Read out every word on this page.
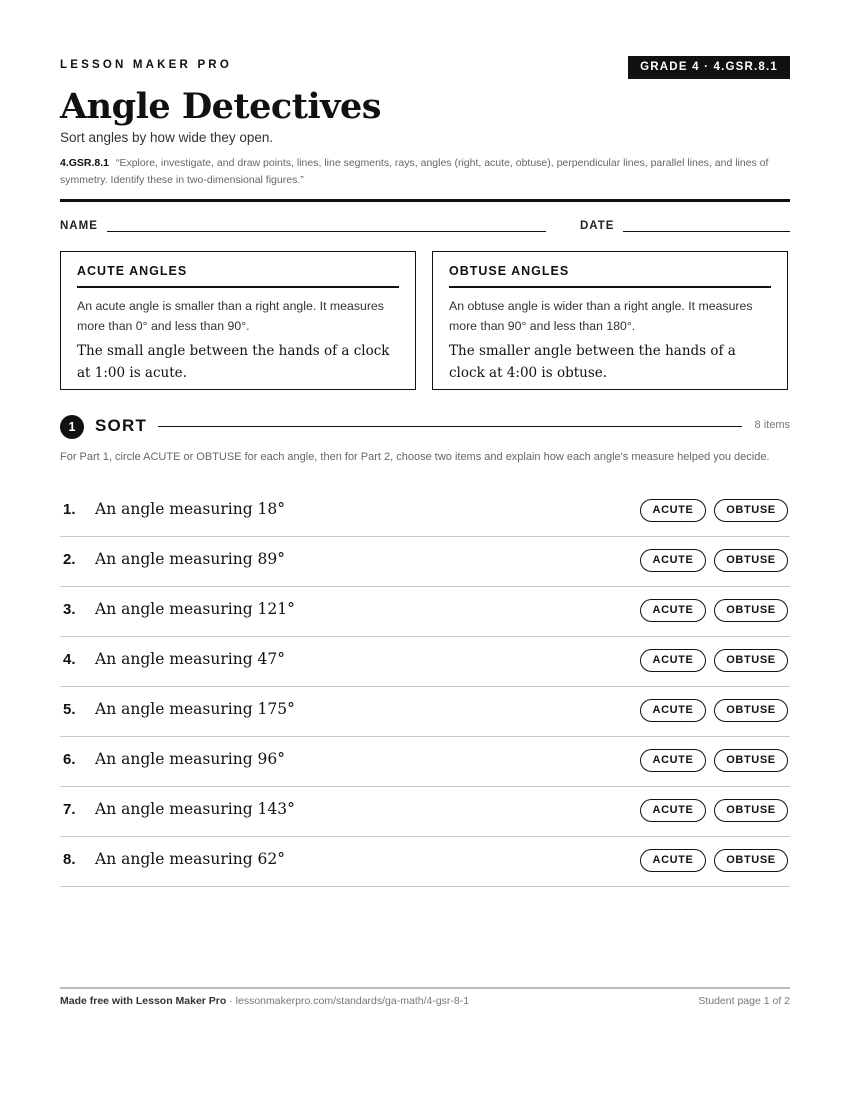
LESSON MAKER PRO	GRADE 4 · 4.GSR.8.1
Angle Detectives
Sort angles by how wide they open.
4.GSR.8.1 “Explore, investigate, and draw points, lines, line segments, rays, angles (right, acute, obtuse), perpendicular lines, parallel lines, and lines of symmetry. Identify these in two-dimensional figures.”
NAME	DATE
ACUTE ANGLES
An acute angle is smaller than a right angle. It measures more than 0° and less than 90°.
The small angle between the hands of a clock at 1:00 is acute.
OBTUSE ANGLES
An obtuse angle is wider than a right angle. It measures more than 90° and less than 180°.
The smaller angle between the hands of a clock at 4:00 is obtuse.
1	SORT	8 items
For Part 1, circle ACUTE or OBTUSE for each angle, then for Part 2, choose two items and explain how each angle's measure helped you decide.
1. An angle measuring 18°	ACUTE	OBTUSE
2. An angle measuring 89°	ACUTE	OBTUSE
3. An angle measuring 121°	ACUTE	OBTUSE
4. An angle measuring 47°	ACUTE	OBTUSE
5. An angle measuring 175°	ACUTE	OBTUSE
6. An angle measuring 96°	ACUTE	OBTUSE
7. An angle measuring 143°	ACUTE	OBTUSE
8. An angle measuring 62°	ACUTE	OBTUSE
Made free with Lesson Maker Pro · lessonmakerpro.com/standards/ga-math/4-gsr-8-1	Student page 1 of 2
